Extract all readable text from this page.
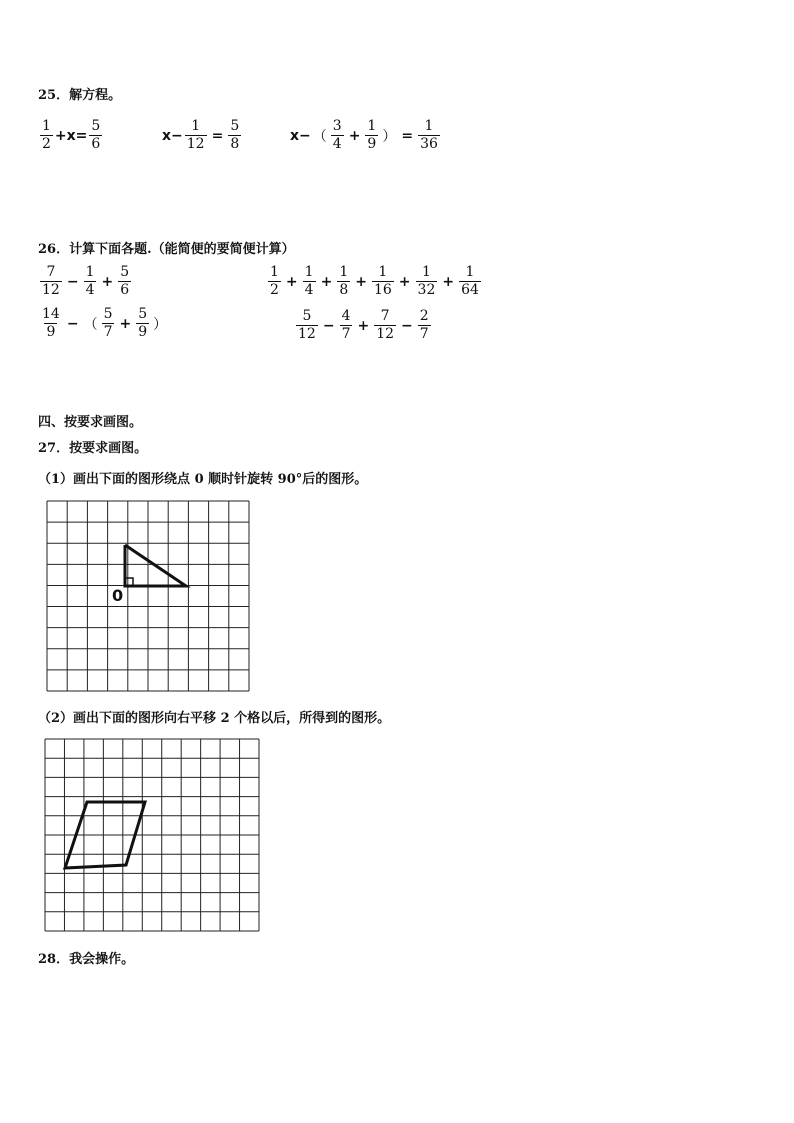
25．解方程。
$\frac{1}{2} +x= \frac{5}{6}$	$x- \frac{1}{12} = \frac{5}{8}$	x− （ $\frac{3}{4} + \frac{1}{9}$ ） = $\frac{1}{36}$
26．计算下面各题.（能简便的要简便计算）
$\frac{7}{12} - \frac{1}{4} + \frac{5}{6}$	$\frac{1}{2} + \frac{1}{4} + \frac{1}{8} + \frac{1}{16} + \frac{1}{32} + \frac{1}{64}$
$\frac{14}{9}$ − （ $\frac{5}{7} + \frac{5}{9}$ ）	$\frac{5}{12} - \frac{4}{7} + \frac{7}{12} - \frac{2}{7}$
四、按要求画图。
27．按要求画图。
（1）画出下面的图形绕点 0 顺时针旋转 90°后的图形。
0
（2）画出下面的图形向右平移 2 个格以后，所得到的图形。
28．我会操作。
